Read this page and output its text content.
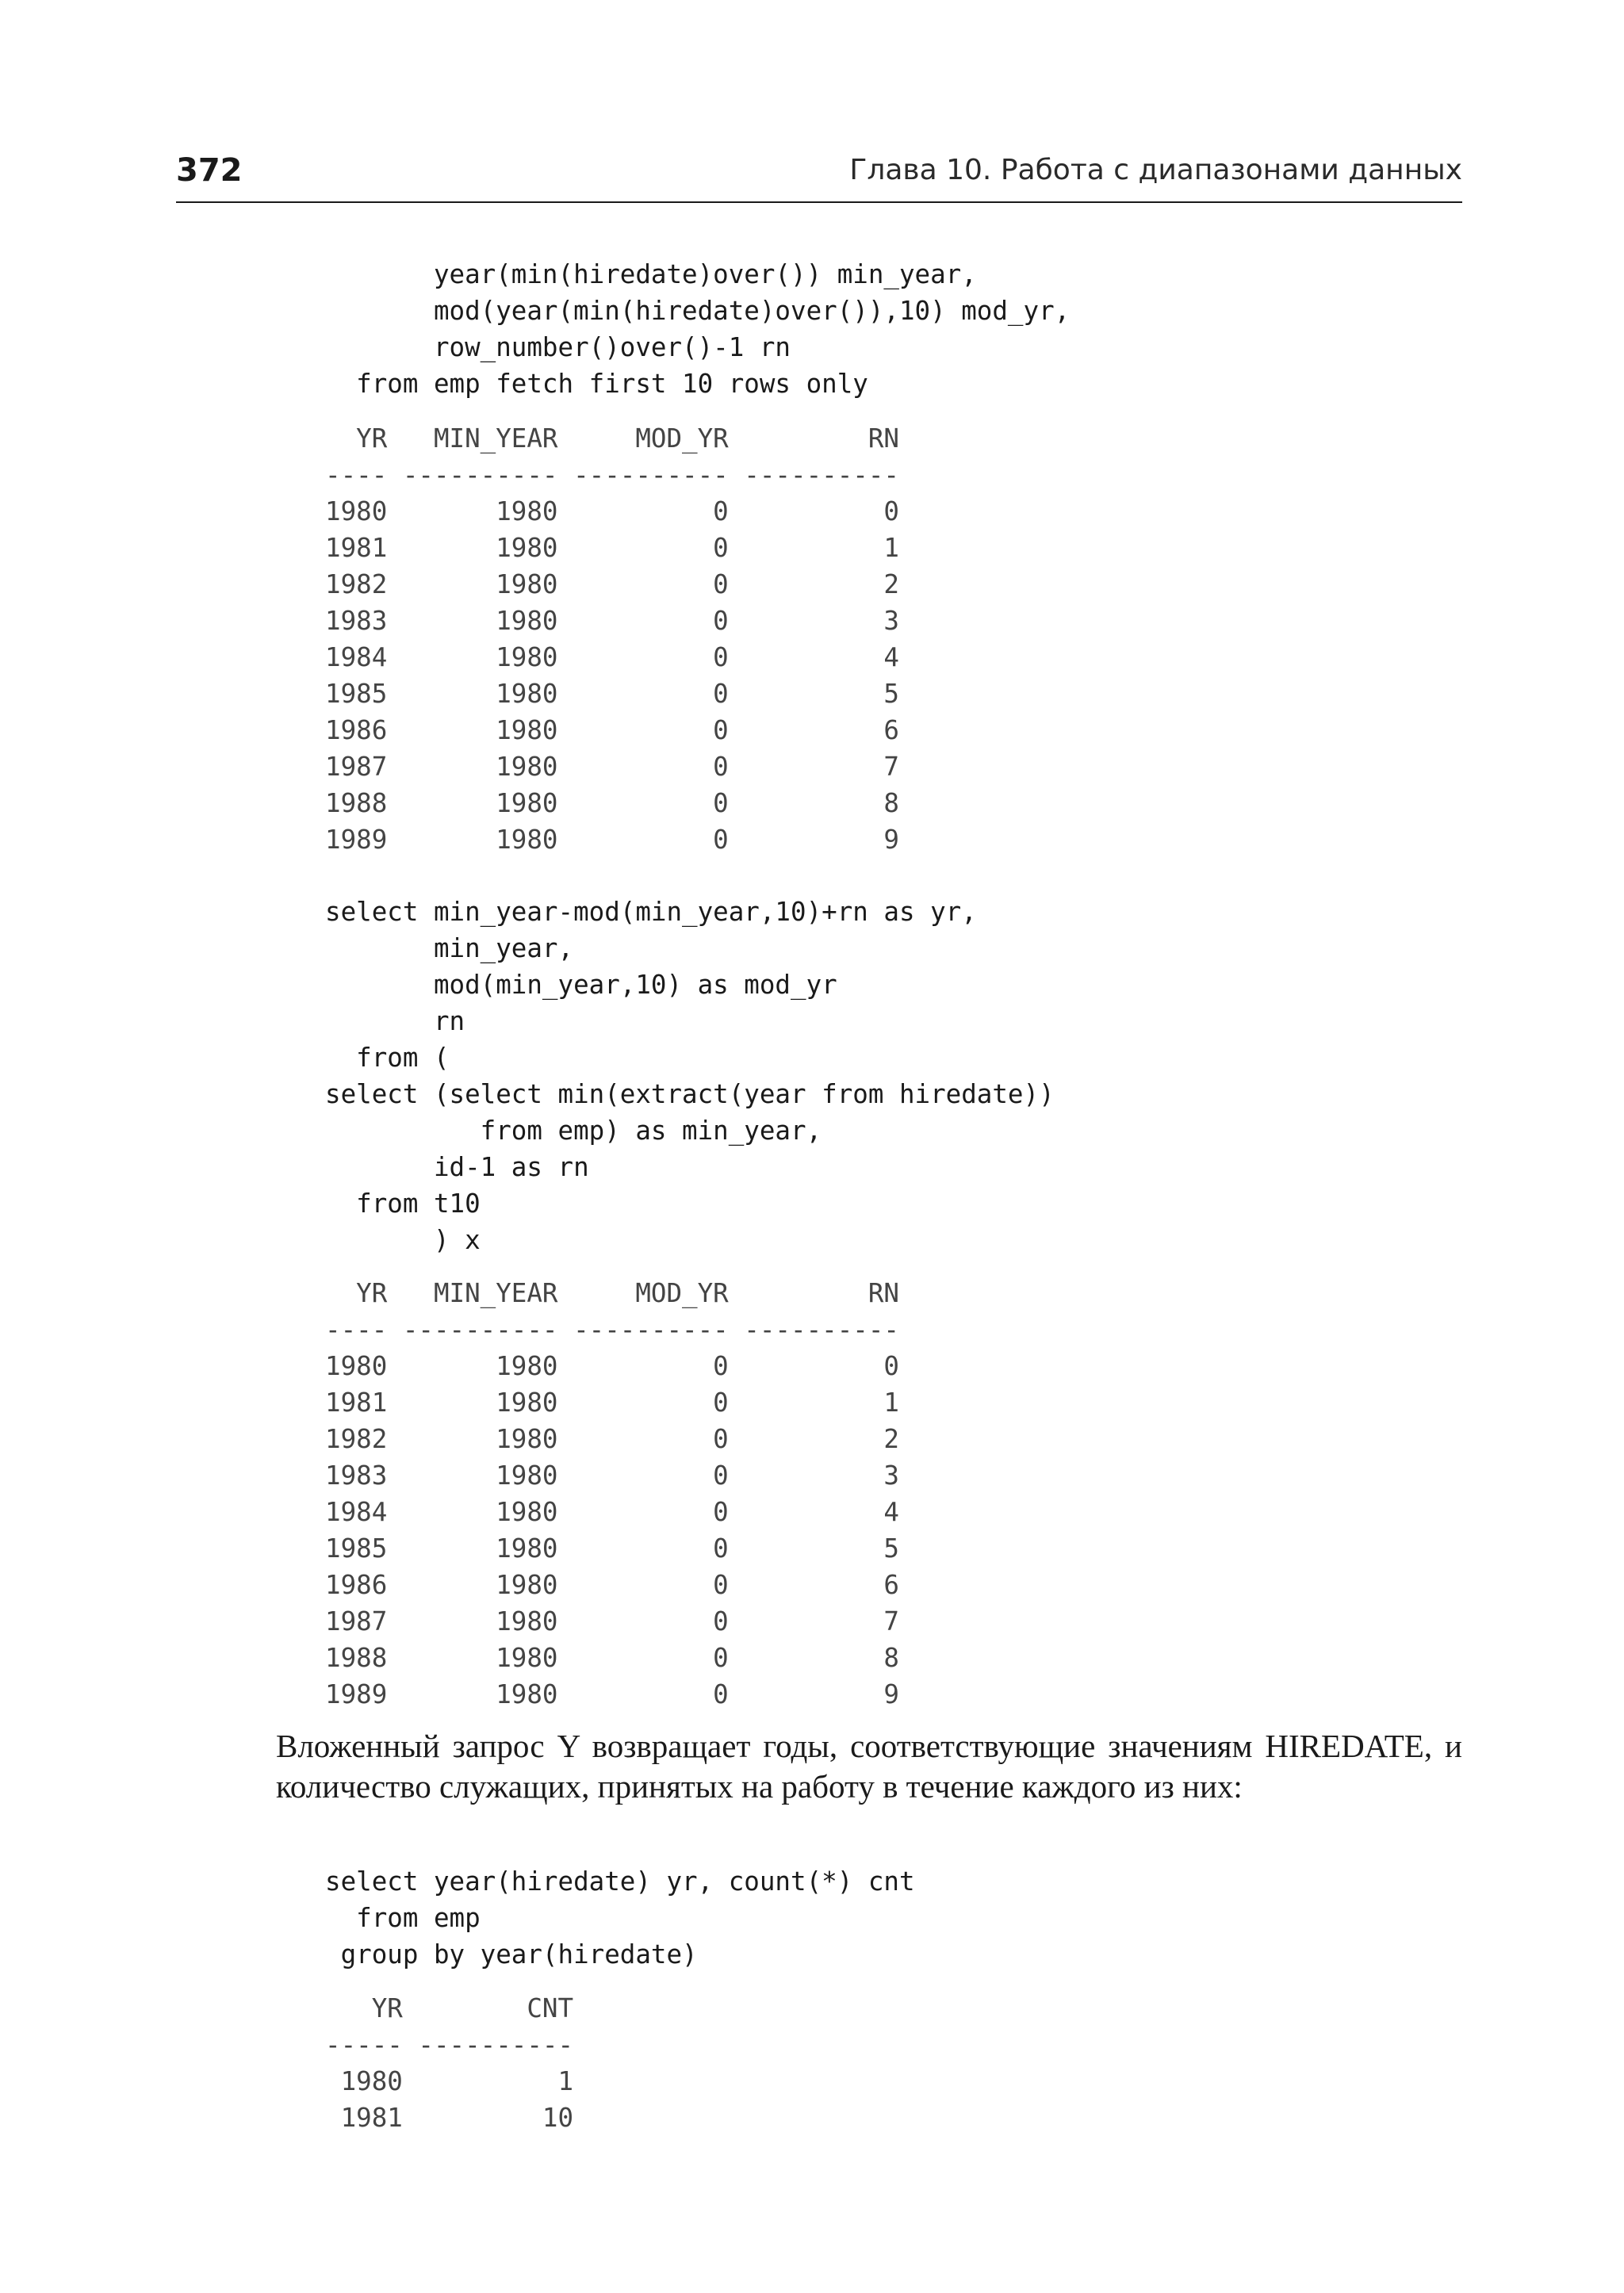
372	Глава 10. Работа с диапазонами данных
year(min(hiredate)over()) min_year,
mod(year(min(hiredate)over()),10) mod_yr,
row_number()over()-1 rn
from emp fetch first 10 rows only
YR   MIN_YEAR     MOD_YR         RN
---- ---------- ---------- ----------
1980       1980          0          0
1981       1980          0          1
1982       1980          0          2
1983       1980          0          3
1984       1980          0          4
1985       1980          0          5
1986       1980          0          6
1987       1980          0          7
1988       1980          0          8
1989       1980          0          9
select min_year-mod(min_year,10)+rn as yr,
min_year,
mod(min_year,10) as mod_yr
rn
from (
select (select min(extract(year from hiredate))
from emp) as min_year,
id-1 as rn
from t10
) x
YR   MIN_YEAR     MOD_YR         RN
---- ---------- ---------- ----------
1980       1980          0          0
1981       1980          0          1
1982       1980          0          2
1983       1980          0          3
1984       1980          0          4
1985       1980          0          5
1986       1980          0          6
1987       1980          0          7
1988       1980          0          8
1989       1980          0          9
Вложенный запрос Y возвращает годы, соответствующие значениям HIREDATE, и количество служащих, принятых на работу в течение каждого из них:
select year(hiredate) yr, count(*) cnt
from emp
group by year(hiredate)
YR        CNT
----- ----------
1980          1
1981         10
